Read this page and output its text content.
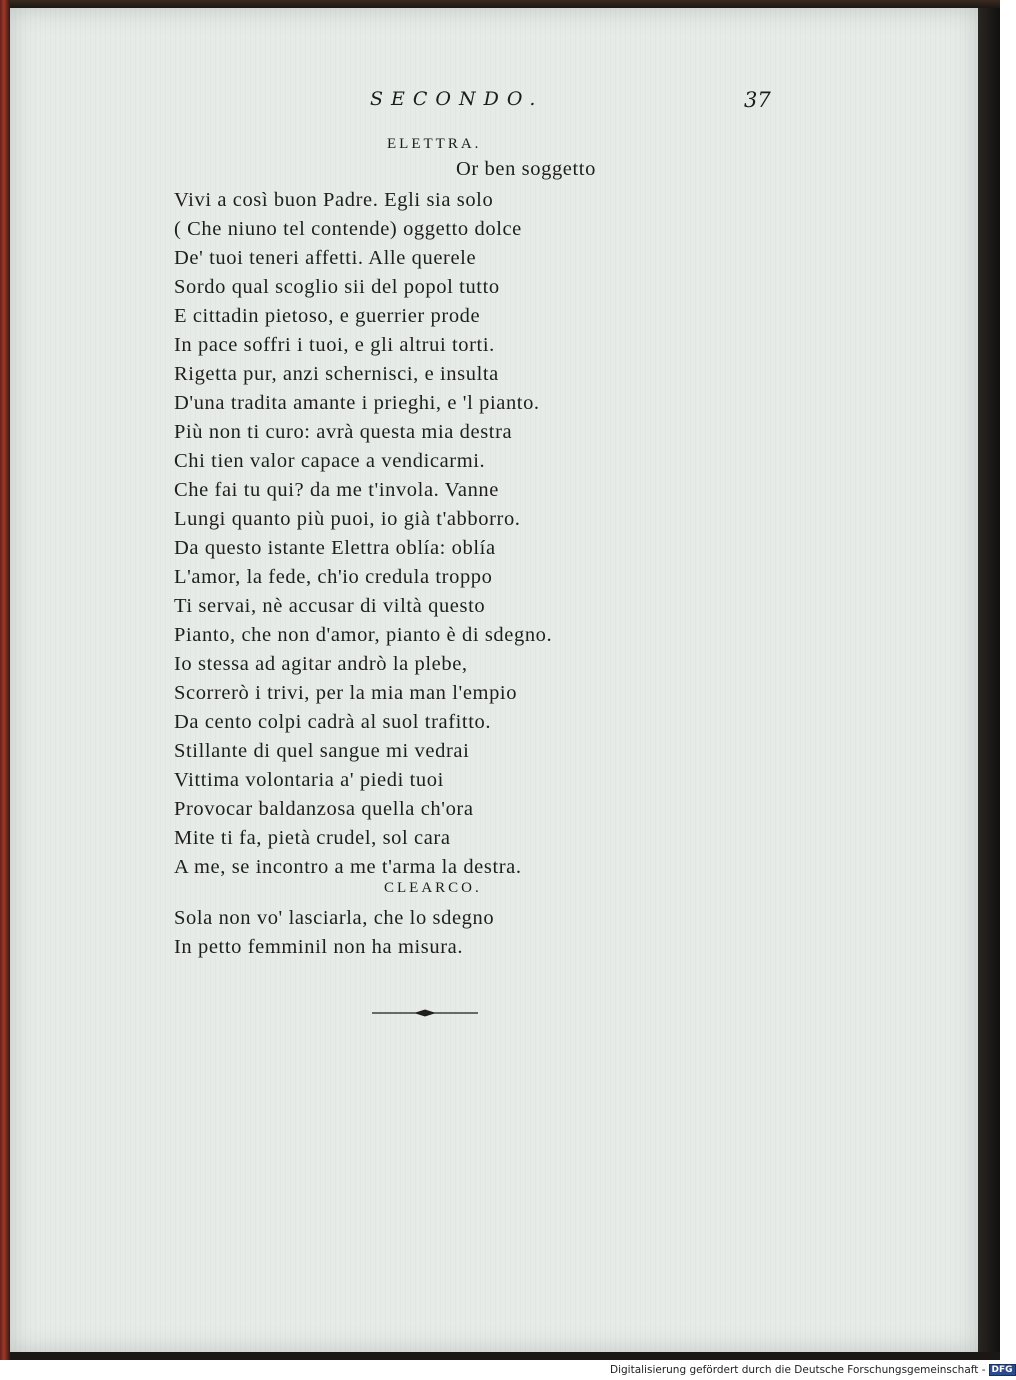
SECONDO.	37
ELETTRA.
Or ben soggetto
Vivi a così buon Padre. Egli sia solo
( Che niuno tel contende) oggetto dolce
De' tuoi teneri affetti. Alle querele
Sordo qual scoglio sii del popol tutto
E cittadin pietoso, e guerrier prode
In pace soffri i tuoi, e gli altrui torti.
Rigetta pur, anzi schernisci, e insulta
D'una tradita amante i prieghi, e 'l pianto.
Più non ti curo: avrà questa mia destra
Chi tien valor capace a vendicarmi.
Che fai tu qui? da me t'invola. Vanne
Lungi quanto più puoi, io già t'abborro.
Da questo istante Elettra oblía: oblía
L'amor, la fede, ch'io credula troppo
Ti servai, nè accusar di viltà questo
Pianto, che non d'amor, pianto è di sdegno.
Io stessa ad agitar andrò la plebe,
Scorrerò i trivi, per la mia man l'empio
Da cento colpi cadrà al suol trafitto.
Stillante di quel sangue mi vedrai
Vittima volontaria a' piedi tuoi
Provocar baldanzosa quella ch'ora
Mite ti fa, pietà crudel, sol cara
A me, se incontro a me t'arma la destra.
CLEARCO.
Sola non vo' lasciarla, che lo sdegno
In petto femminil non ha misura.
Digitalisierung gefördert durch die Deutsche Forschungsgemeinschaft - DFG
